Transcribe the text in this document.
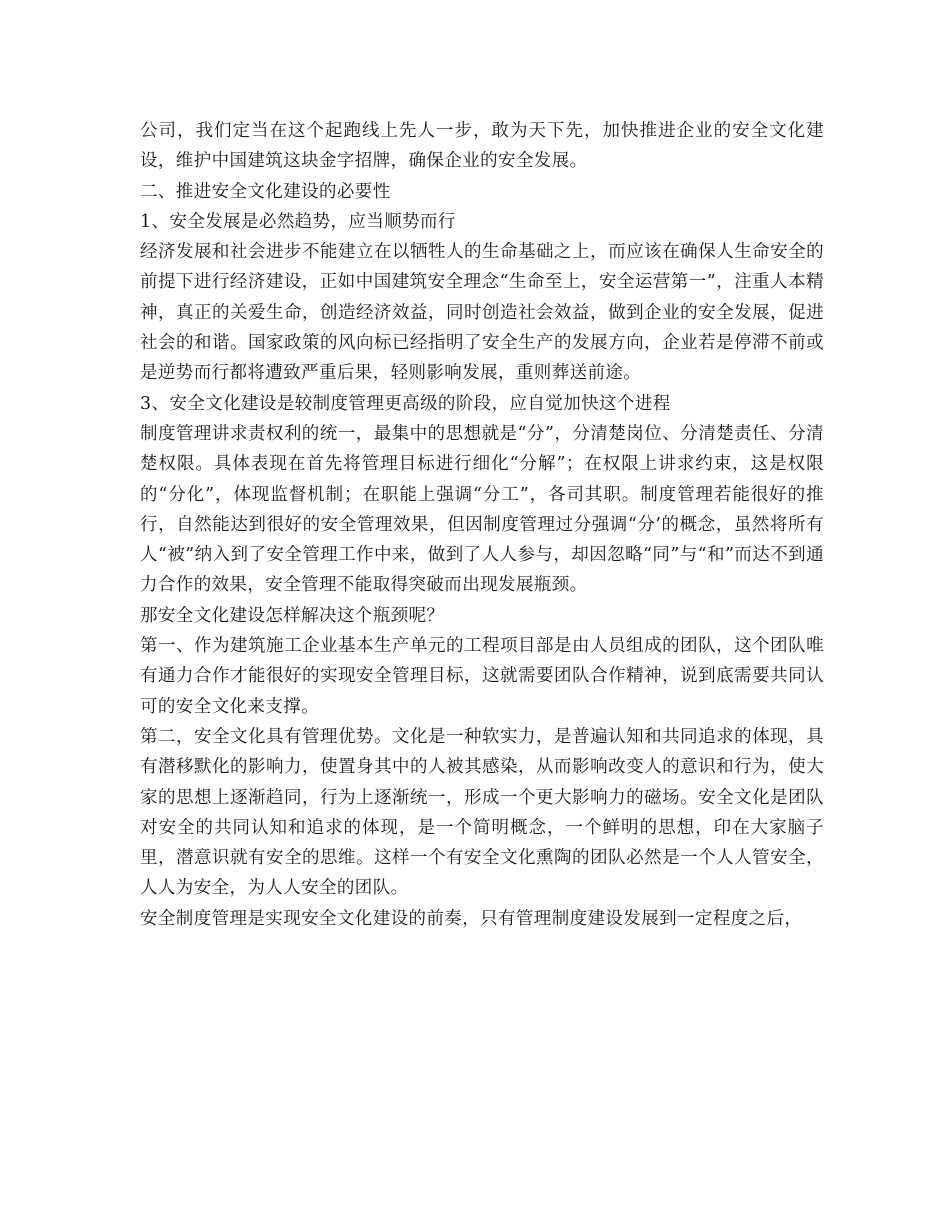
公司，我们定当在这个起跑线上先人一步，敢为天下先，加快推进企业的安全文化建设，维护中国建筑这块金字招牌，确保企业的安全发展。

二、推进安全文化建设的必要性

1、安全发展是必然趋势，应当顺势而行

经济发展和社会进步不能建立在以牺牲人的生命基础之上，而应该在确保人生命安全的前提下进行经济建设，正如中国建筑安全理念“生命至上，安全运营第一”，注重人本精神，真正的关爱生命，创造经济效益，同时创造社会效益，做到企业的安全发展，促进社会的和谐。国家政策的风向标已经指明了安全生产的发展方向，企业若是停滞不前或是逆势而行都将遭致严重后果，轻则影响发展，重则葬送前途。

3、安全文化建设是较制度管理更高级的阶段，应自觉加快这个进程

制度管理讲求责权利的统一，最集中的思想就是“分”，分清楚岗位、分清楚责任、分清楚权限。具体表现在首先将管理目标进行细化“分解”；在权限上讲求约束，这是权限的“分化”，体现监督机制；在职能上强调“分工”，各司其职。制度管理若能很好的推行，自然能达到很好的安全管理效果，但因制度管理过分强调“分’的概念，虽然将所有人“被”纳入到了安全管理工作中来，做到了人人参与，却因忽略“同”与“和”而达不到通力合作的效果，安全管理不能取得突破而出现发展瓶颈。

那安全文化建设怎样解决这个瓶颈呢？

第一、作为建筑施工企业基本生产单元的工程项目部是由人员组成的团队，这个团队唯有通力合作才能很好的实现安全管理目标，这就需要团队合作精神，说到底需要共同认可的安全文化来支撑。

第二，安全文化具有管理优势。文化是一种软实力，是普遍认知和共同追求的体现，具有潜移默化的影响力，使置身其中的人被其感染，从而影响改变人的意识和行为，使大家的思想上逐渐趋同，行为上逐渐统一，形成一个更大影响力的磁场。安全文化是团队对安全的共同认知和追求的体现，是一个简明概念，一个鲜明的思想，印在大家脑子里，潜意识就有安全的思维。这样一个有安全文化熏陶的团队必然是一个人人管安全，人人为安全，为人人安全的团队。

安全制度管理是实现安全文化建设的前奏，只有管理制度建设发展到一定程度之后，
